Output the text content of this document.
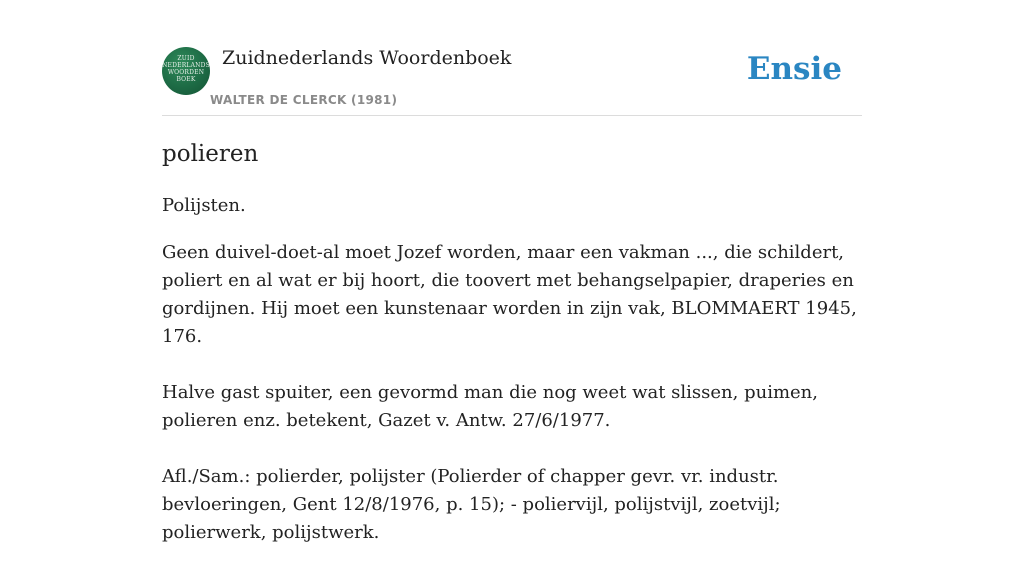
ZUID NEDERLANDS WOORDEN BOEK
Zuidnederlands Woordenboek
WALTER DE CLERCK (1981)
Ensie
polieren

Polijsten.

Geen duivel-doet-al moet Jozef worden, maar een vakman ..., die schildert, poliert en al wat er bij hoort, die toovert met behangselpapier, draperies en gordijnen. Hij moet een kunstenaar worden in zijn vak, BLOMMAERT 1945, 176.

Halve gast spuiter, een gevormd man die nog weet wat slissen, puimen, polieren enz. betekent, Gazet v. Antw. 27/6/1977.

Afl./Sam.: polierder, polijster (Polierder of chapper gevr. vr. industr. bevloeringen, Gent 12/8/1976, p. 15); - poliervijl, polijstvijl, zoetvijl; polierwerk, polijstwerk.
